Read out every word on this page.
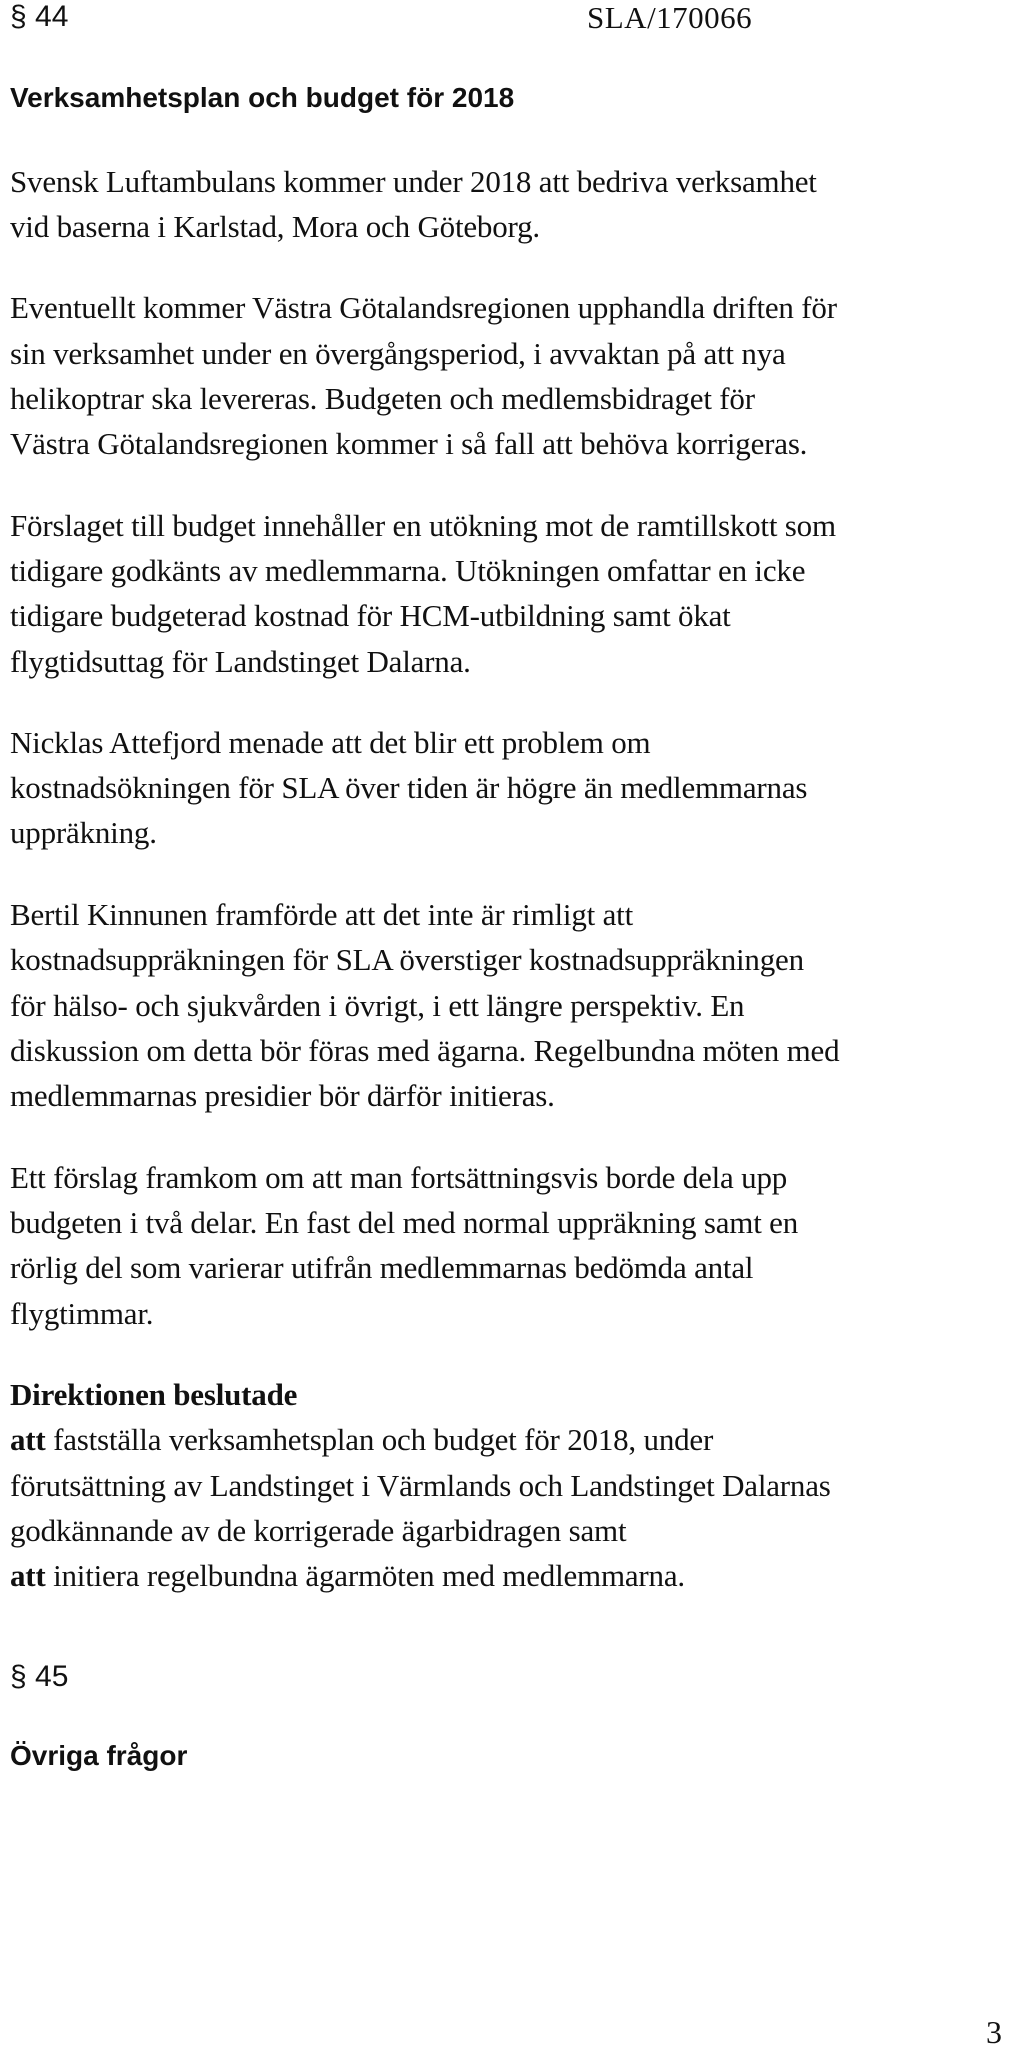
§ 44	SLA/170066
Verksamhetsplan och budget för 2018
Svensk Luftambulans kommer under 2018 att bedriva verksamhet
vid baserna i Karlstad, Mora och Göteborg.
Eventuellt kommer Västra Götalandsregionen upphandla driften för
sin verksamhet under en övergångsperiod, i avvaktan på att nya
helikoptrar ska levereras. Budgeten och medlemsbidraget för
Västra Götalandsregionen kommer i så fall att behöva korrigeras.
Förslaget till budget innehåller en utökning mot de ramtillskott som
tidigare godkänts av medlemmarna. Utökningen omfattar en icke
tidigare budgeterad kostnad för HCM-utbildning samt ökat
flygtidsuttag för Landstinget Dalarna.
Nicklas Attefjord menade att det blir ett problem om
kostnadsökningen för SLA över tiden är högre än medlemmarnas
uppräkning.
Bertil Kinnunen framförde att det inte är rimligt att
kostnadsuppräkningen för SLA överstiger kostnadsuppräkningen
för hälso- och sjukvården i övrigt, i ett längre perspektiv. En
diskussion om detta bör föras med ägarna. Regelbundna möten med
medlemmarnas presidier bör därför initieras.
Ett förslag framkom om att man fortsättningsvis borde dela upp
budgeten i två delar. En fast del med normal uppräkning samt en
rörlig del som varierar utifrån medlemmarnas bedömda antal
flygtimmar.
Direktionen beslutade
att fastställa verksamhetsplan och budget för 2018, under
förutsättning av Landstinget i Värmlands och Landstinget Dalarnas
godkännande av de korrigerade ägarbidragen samt
att initiera regelbundna ägarmöten med medlemmarna.
§ 45
Övriga frågor
3
